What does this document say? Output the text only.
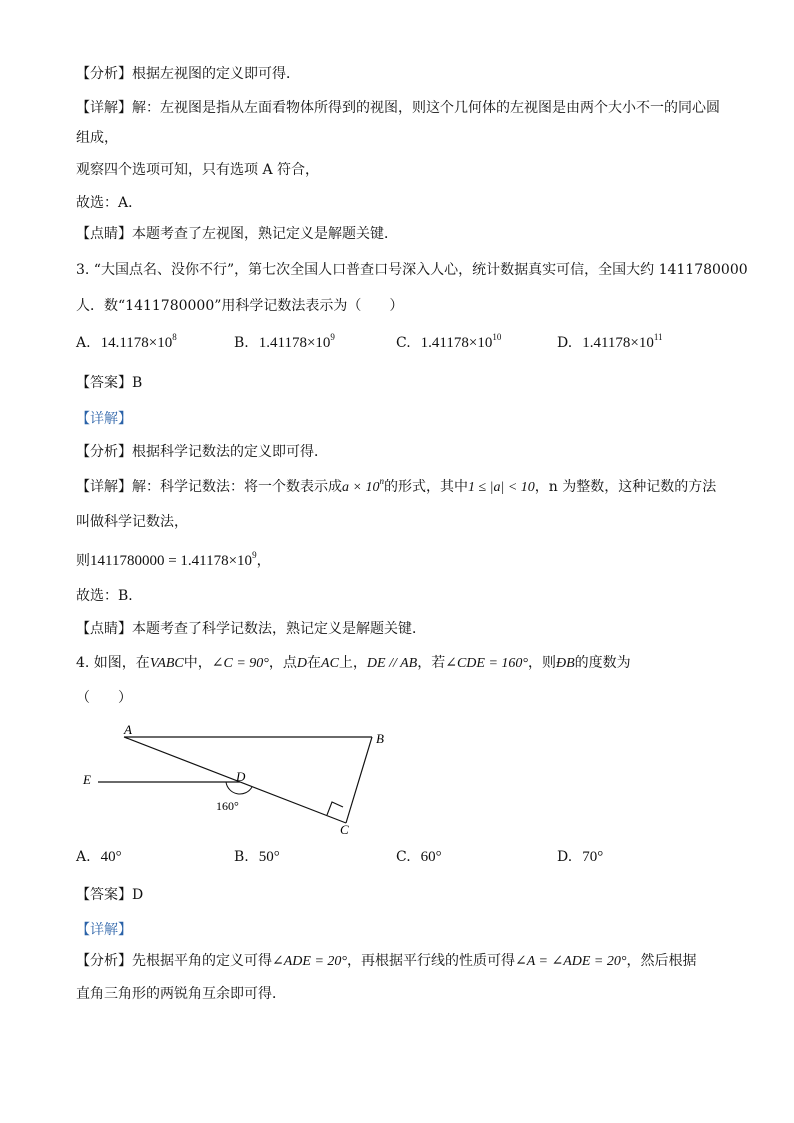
【分析】根据左视图的定义即可得．
【详解】解：左视图是指从左面看物体所得到的视图，则这个几何体的左视图是由两个大小不一的同心圆
组成，
观察四个选项可知，只有选项 A 符合，
故选：A．
【点睛】本题考查了左视图，熟记定义是解题关键．
3. “大国点名、没你不行”，第七次全国人口普查口号深入人心，统计数据真实可信，全国大约 1411780000
人．数“1411780000”用科学记数法表示为（　　）
A. $14.1178\times 10^8$	B. $1.41178\times 10^9$	C. $1.41178\times 10^{10}$	D. $1.41178\times 10^{11}$
【答案】B
【详解】
【分析】根据科学记数法的定义即可得．
【详解】解：科学记数法：将一个数表示成$a \times 10^n$的形式，其中1 ≤ |a| < 10，n 为整数，这种记数的方法
叫做科学记数法，
则$1411780000 = 1.41178\times 10^9$，
故选：B．
【点睛】本题考查了科学记数法，熟记定义是解题关键．
4. 如图，在VABC中，∠C = 90°，点D在AC上，DE // AB，若∠CDE = 160°，则ÐB的度数为
（　　）
A
B
C
D
E
160°
A. 40°	B. 50°	C. 60°	D. 70°
【答案】D
【详解】
【分析】先根据平角的定义可得∠ADE = 20°，再根据平行线的性质可得∠A = ∠ADE = 20°，然后根据
直角三角形的两锐角互余即可得．
